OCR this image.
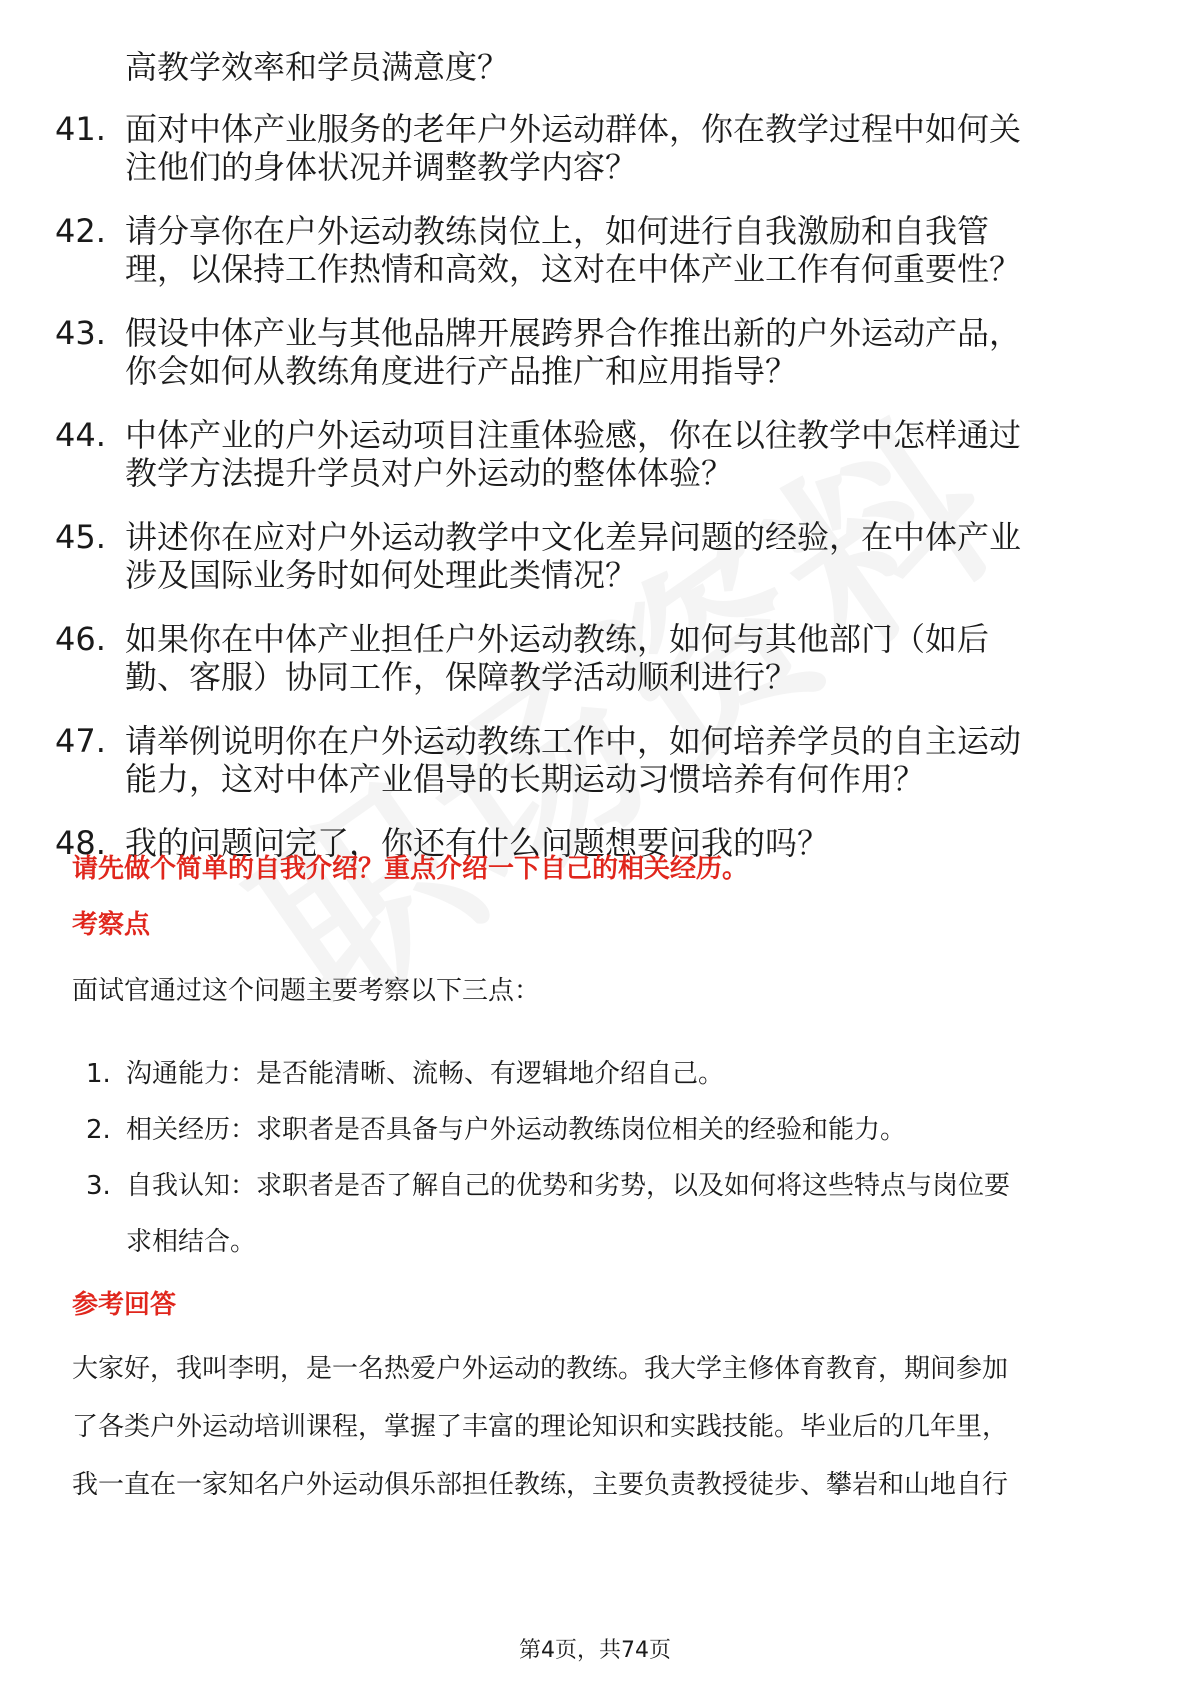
高教学效率和学员满意度？
41. 面对中体产业服务的老年户外运动群体，你在教学过程中如何关
注他们的身体状况并调整教学内容？
42. 请分享你在户外运动教练岗位上，如何进行自我激励和自我管
理，以保持工作热情和高效，这对在中体产业工作有何重要性？
43. 假设中体产业与其他品牌开展跨界合作推出新的户外运动产品，
你会如何从教练角度进行产品推广和应用指导？
44. 中体产业的户外运动项目注重体验感，你在以往教学中怎样通过
教学方法提升学员对户外运动的整体体验？
45. 讲述你在应对户外运动教学中文化差异问题的经验，在中体产业
涉及国际业务时如何处理此类情况？
46. 如果你在中体产业担任户外运动教练，如何与其他部门（如后
勤、客服）协同工作，保障教学活动顺利进行？
47. 请举例说明你在户外运动教练工作中，如何培养学员的自主运动
能力，这对中体产业倡导的长期运动习惯培养有何作用？
48. 我的问题问完了，你还有什么问题想要问我的吗？
请先做个简单的自我介绍？重点介绍一下自己的相关经历。
考察点
面试官通过这个问题主要考察以下三点：
1. 沟通能力：是否能清晰、流畅、有逻辑地介绍自己。
2. 相关经历：求职者是否具备与户外运动教练岗位相关的经验和能力。
3. 自我认知：求职者是否了解自己的优势和劣势，以及如何将这些特点与岗位要
求相结合。
参考回答
大家好，我叫李明，是一名热爱户外运动的教练。我大学主修体育教育，期间参加
了各类户外运动培训课程，掌握了丰富的理论知识和实践技能。毕业后的几年里，
我一直在一家知名户外运动俱乐部担任教练，主要负责教授徒步、攀岩和山地自行
第4页，共74页
